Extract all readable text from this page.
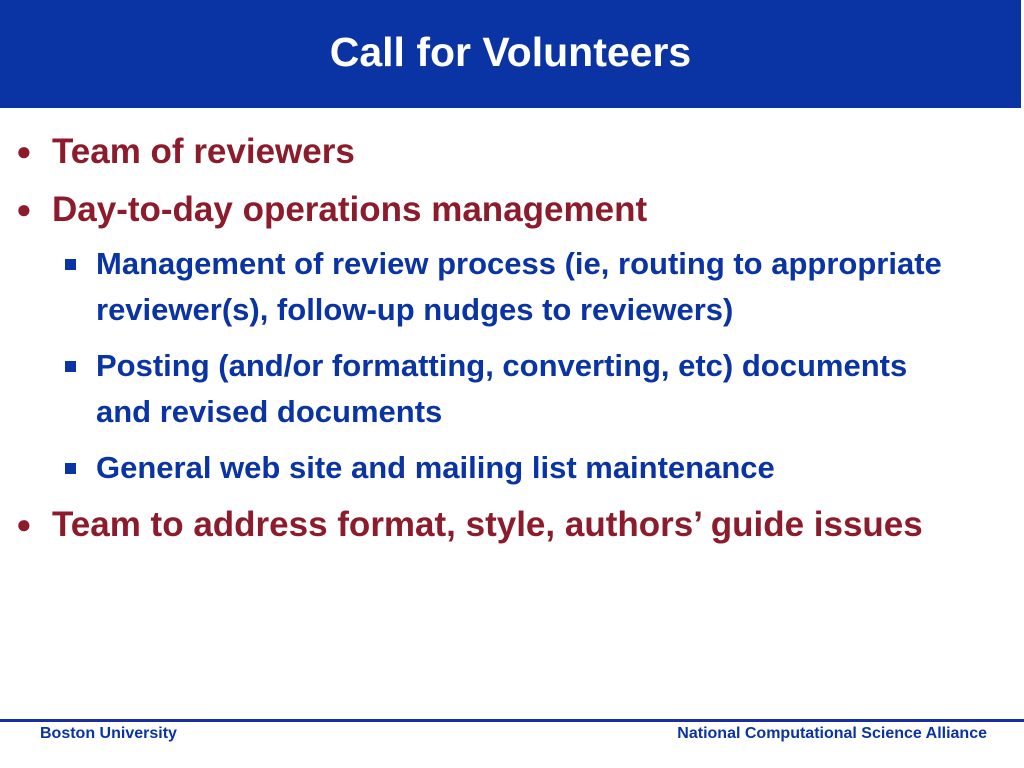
Call for Volunteers
● Team of reviewers
● Day-to-day operations management
Management of review process (ie, routing to appropriate reviewer(s), follow-up nudges to reviewers)
Posting (and/or formatting, converting, etc) documents and revised documents
General web site and mailing list maintenance
● Team to address format, style, authors’ guide issues
Boston University	National Computational Science Alliance
